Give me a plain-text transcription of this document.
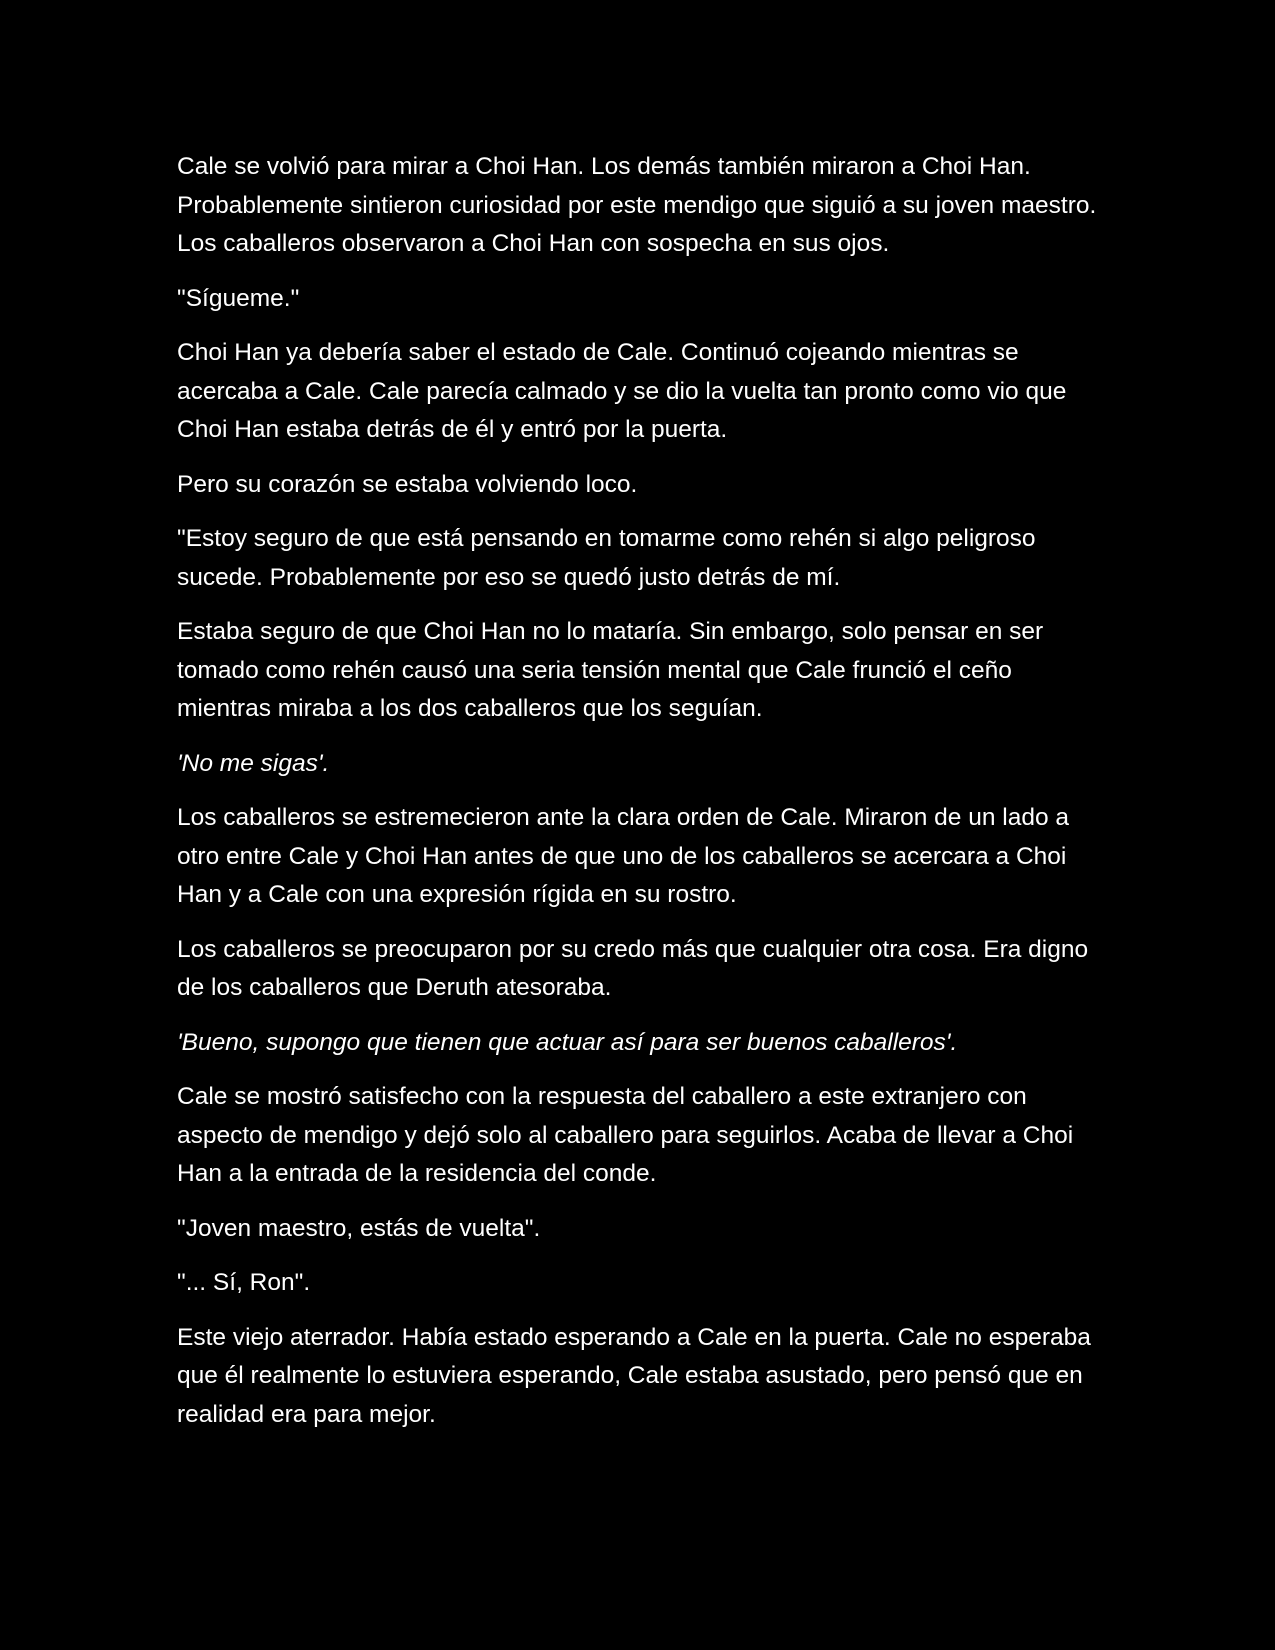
Cale se volvió para mirar a Choi Han. Los demás también miraron a Choi Han. Probablemente sintieron curiosidad por este mendigo que siguió a su joven maestro. Los caballeros observaron a Choi Han con sospecha en sus ojos.

"Sígueme."

Choi Han ya debería saber el estado de Cale. Continuó cojeando mientras se acercaba a Cale. Cale parecía calmado y se dio la vuelta tan pronto como vio que Choi Han estaba detrás de él y entró por la puerta.

Pero su corazón se estaba volviendo loco.

"Estoy seguro de que está pensando en tomarme como rehén si algo peligroso sucede. Probablemente por eso se quedó justo detrás de mí.

Estaba seguro de que Choi Han no lo mataría. Sin embargo, solo pensar en ser tomado como rehén causó una seria tensión mental que Cale frunció el ceño mientras miraba a los dos caballeros que los seguían.

'No me sigas'.

Los caballeros se estremecieron ante la clara orden de Cale. Miraron de un lado a otro entre Cale y Choi Han antes de que uno de los caballeros se acercara a Choi Han y a Cale con una expresión rígida en su rostro.

Los caballeros se preocuparon por su credo más que cualquier otra cosa. Era digno de los caballeros que Deruth atesoraba.

'Bueno, supongo que tienen que actuar así para ser buenos caballeros'.

Cale se mostró satisfecho con la respuesta del caballero a este extranjero con aspecto de mendigo y dejó solo al caballero para seguirlos. Acaba de llevar a Choi Han a la entrada de la residencia del conde.

"Joven maestro, estás de vuelta".

"... Sí, Ron".

Este viejo aterrador. Había estado esperando a Cale en la puerta. Cale no esperaba que él realmente lo estuviera esperando, Cale estaba asustado, pero pensó que en realidad era para mejor.
